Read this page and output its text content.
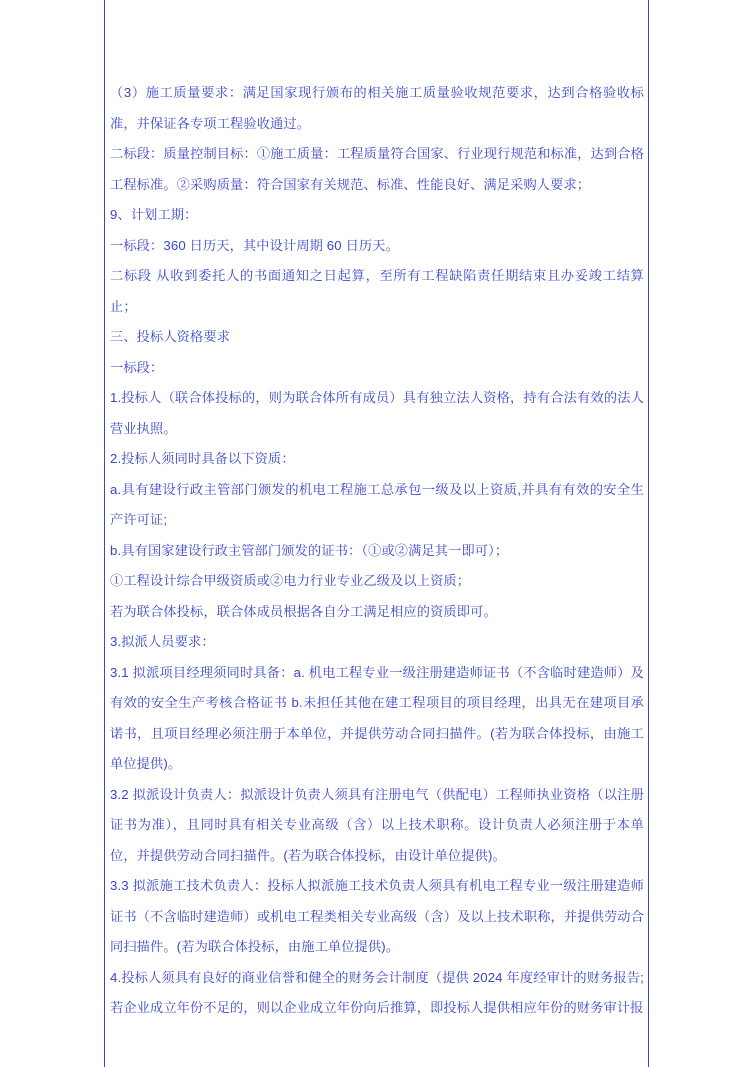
（3）施工质量要求：满足国家现行颁布的相关施工质量验收规范要求，达到合格验收标准，并保证各专项工程验收通过。

二标段：质量控制目标：①施工质量：工程质量符合国家、行业现行规范和标准，达到合格工程标准。②采购质量：符合国家有关规范、标准、性能良好、满足采购人要求；

9、计划工期：

一标段：360 日历天，其中设计周期 60 日历天。

二标段 从收到委托人的书面通知之日起算，至所有工程缺陷责任期结束且办妥竣工结算止；

三、投标人资格要求

一标段：

1.投标人（联合体投标的，则为联合体所有成员）具有独立法人资格，持有合法有效的法人营业执照。

2.投标人须同时具备以下资质：

a.具有建设行政主管部门颁发的机电工程施工总承包一级及以上资质,并具有有效的安全生产许可证;

b.具有国家建设行政主管部门颁发的证书：（①或②满足其一即可）；

①工程设计综合甲级资质或②电力行业专业乙级及以上资质；

若为联合体投标，联合体成员根据各自分工满足相应的资质即可。

3.拟派人员要求：

3.1 拟派项目经理须同时具备：a. 机电工程专业一级注册建造师证书（不含临时建造师）及有效的安全生产考核合格证书 b.未担任其他在建工程项目的项目经理，出具无在建项目承诺书，且项目经理必须注册于本单位，并提供劳动合同扫描件。(若为联合体投标，由施工单位提供)。

3.2 拟派设计负责人：拟派设计负责人须具有注册电气（供配电）工程师执业资格（以注册证书为准），且同时具有相关专业高级（含）以上技术职称。设计负责人必须注册于本单位，并提供劳动合同扫描件。(若为联合体投标，由设计单位提供)。

3.3 拟派施工技术负责人：投标人拟派施工技术负责人须具有机电工程专业一级注册建造师证书（不含临时建造师）或机电工程类相关专业高级（含）及以上技术职称，并提供劳动合同扫描件。(若为联合体投标，由施工单位提供)。

4.投标人须具有良好的商业信誉和健全的财务会计制度（提供 2024 年度经审计的财务报告; 若企业成立年份不足的，则以企业成立年份向后推算，即投标人提供相应年份的财务审计报
